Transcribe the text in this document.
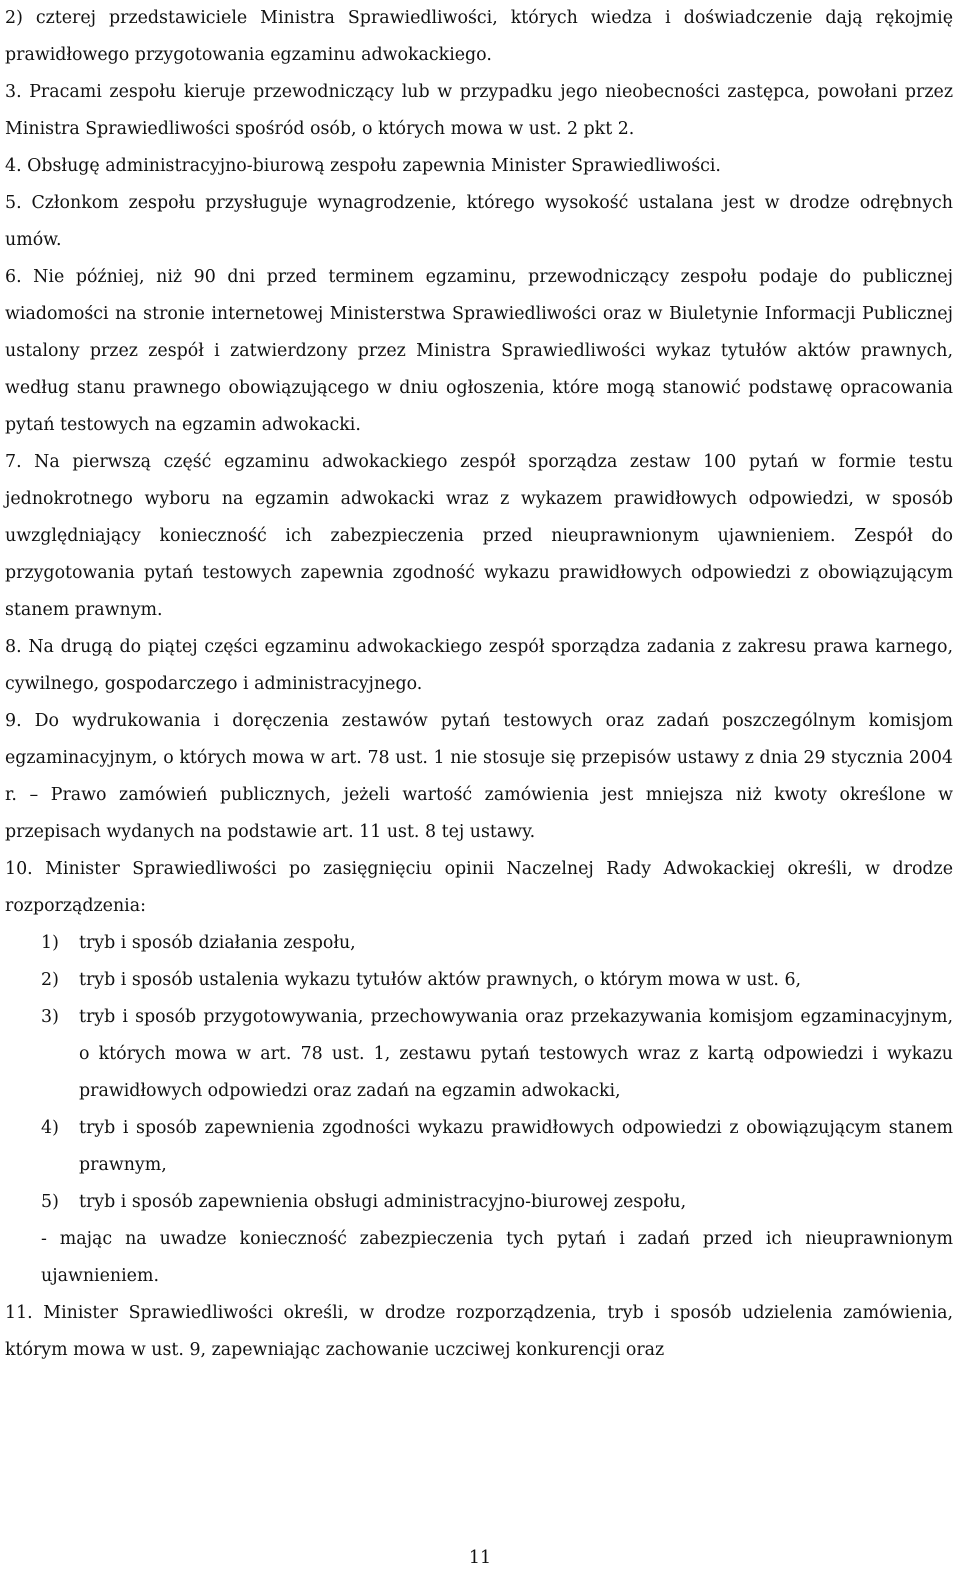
2) czterej przedstawiciele Ministra Sprawiedliwości, których wiedza i doświadczenie dają rękojmię prawidłowego przygotowania egzaminu adwokackiego.

3. Pracami zespołu kieruje przewodniczący lub w przypadku jego nieobecności zastępca, powołani przez Ministra Sprawiedliwości spośród osób, o których mowa w ust. 2 pkt 2.

4. Obsługę administracyjno-biurową zespołu zapewnia Minister Sprawiedliwości.

5. Członkom zespołu przysługuje wynagrodzenie, którego wysokość ustalana jest w drodze odrębnych umów.

6. Nie później, niż 90 dni przed terminem egzaminu, przewodniczący zespołu podaje do publicznej wiadomości na stronie internetowej Ministerstwa Sprawiedliwości oraz w Biuletynie Informacji Publicznej ustalony przez zespół i zatwierdzony przez Ministra Sprawiedliwości wykaz tytułów aktów prawnych, według stanu prawnego obowiązującego w dniu ogłoszenia, które mogą stanowić podstawę opracowania pytań testowych na egzamin adwokacki.

7. Na pierwszą część egzaminu adwokackiego zespół sporządza zestaw 100 pytań w formie testu jednokrotnego wyboru na egzamin adwokacki wraz z wykazem prawidłowych odpowiedzi, w sposób uwzględniający konieczność ich zabezpieczenia przed nieuprawnionym ujawnieniem. Zespół do przygotowania pytań testowych zapewnia zgodność wykazu prawidłowych odpowiedzi z obowiązującym stanem prawnym.

8. Na drugą do piątej części egzaminu adwokackiego zespół sporządza zadania z zakresu prawa karnego, cywilnego, gospodarczego i administracyjnego.

9. Do wydrukowania i doręczenia zestawów pytań testowych oraz zadań poszczególnym komisjom egzaminacyjnym, o których mowa w art. 78 ust. 1 nie stosuje się przepisów ustawy z dnia 29 stycznia 2004 r. – Prawo zamówień publicznych, jeżeli wartość zamówienia jest mniejsza niż kwoty określone w przepisach wydanych na podstawie art. 11 ust. 8 tej ustawy.

10. Minister Sprawiedliwości po zasięgnięciu opinii Naczelnej Rady Adwokackiej określi, w drodze rozporządzenia:

1)	tryb i sposób działania zespołu,
2)	tryb i sposób ustalenia wykazu tytułów aktów prawnych, o którym mowa w ust. 6,
3)	tryb i sposób przygotowywania, przechowywania oraz przekazywania komisjom egzaminacyjnym, o których mowa w art. 78 ust. 1, zestawu pytań testowych wraz z kartą odpowiedzi i wykazu prawidłowych odpowiedzi oraz zadań na egzamin adwokacki,
4)	tryb i sposób zapewnienia zgodności wykazu prawidłowych odpowiedzi z obowiązującym stanem prawnym,
5)	tryb i sposób zapewnienia obsługi administracyjno-biurowej zespołu,

- mając na uwadze konieczność zabezpieczenia tych pytań i zadań przed ich nieuprawnionym ujawnieniem.

11. Minister Sprawiedliwości określi, w drodze rozporządzenia, tryb i sposób udzielenia zamówienia, którym mowa w ust. 9, zapewniając zachowanie uczciwej konkurencji oraz

11
